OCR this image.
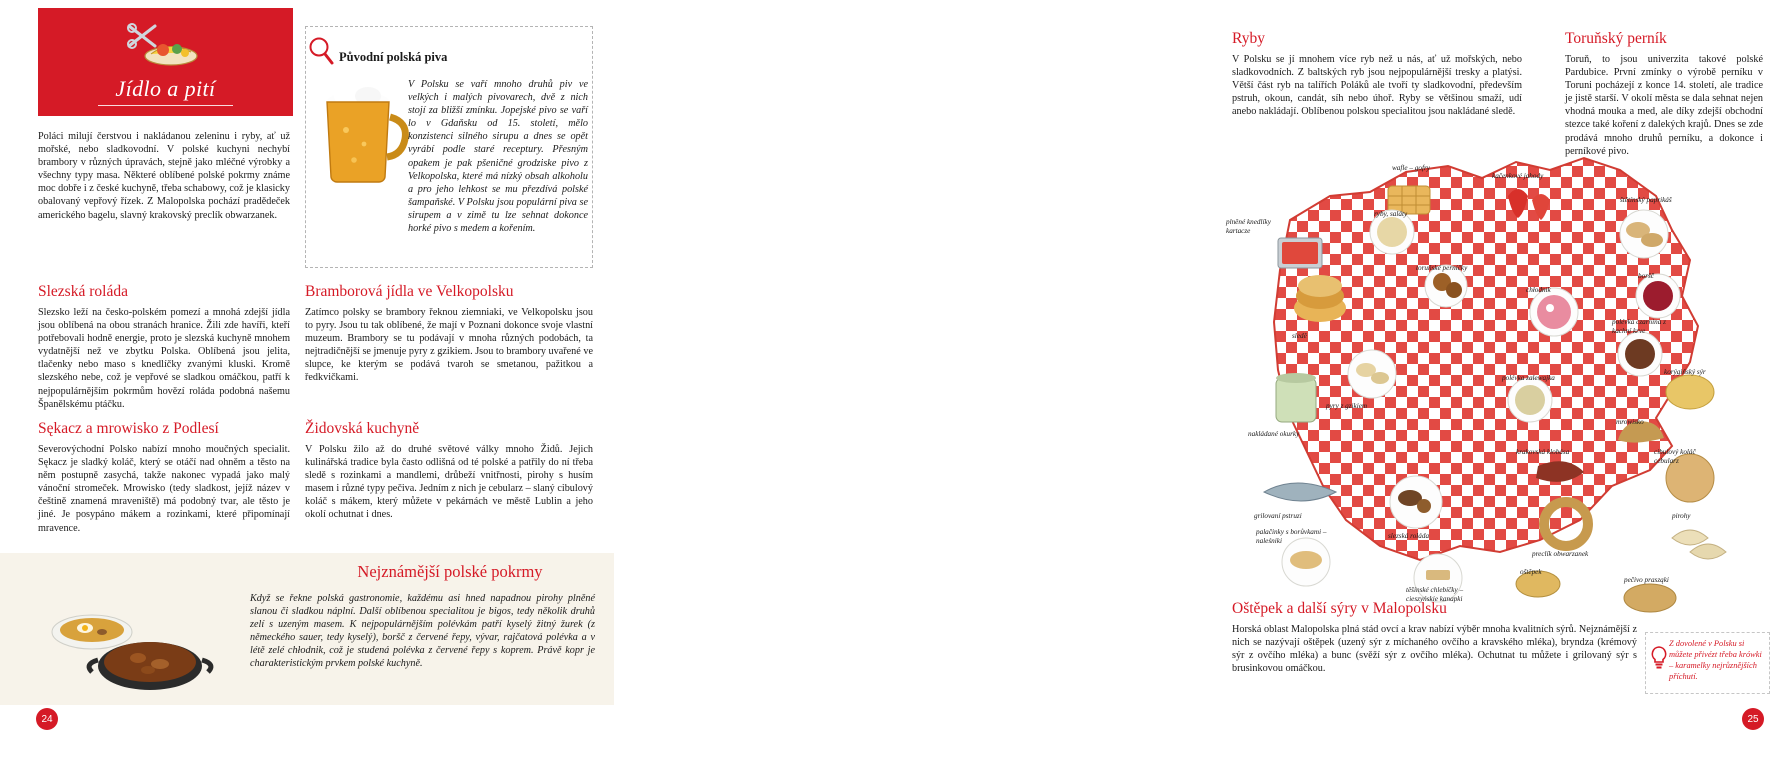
Jídlo a pití
Poláci milují čerstvou i nakládanou zeleninu i ryby, ať už mořské, nebo sladkovodní. V polské kuchyni nechybí brambory v různých úpravách, stejně jako mléčné výrobky a všechny typy masa. Některé oblíbené polské pokrmy známe moc dobře i z české kuchyně, třeba schabowy, což je klasicky obalovaný vepřový řízek. Z Malopolska pochází pradědeček amerického bagelu, slavný krakovský preclík obwarzanek.
Slezská roláda
Slezsko leží na česko-polském pomezí a mnohá zdejší jídla jsou oblíbená na obou stranách hranice. Žili zde havíři, kteří potřebovali hodně energie, proto je slezská kuchyně mnohem vydatnější než ve zbytku Polska. Oblíbená jsou jelita, tlačenky nebo maso s knedlíčky zvanými kluski. Kromě slezského nebe, což je vepřové se sladkou omáčkou, patří k nejpopulárnějším pokrmům hovězí roláda podobná našemu Španělskému ptáčku.
Sękacz a mrowisko z Podlesí
Severovýchodní Polsko nabízí mnoho moučných specialit. Sękacz je sladký koláč, který se otáčí nad ohněm a těsto na něm postupně zasychá, takže nakonec vypadá jako malý vánoční stromeček. Mrowisko (tedy sladkost, jejíž název v češtině znamená mraveniště) má podobný tvar, ale těsto je jiné. Je posypáno mákem a rozinkami, které připomínají mravence.
Původní polská piva
V Polsku se vaří mnoho druhů piv ve velkých i malých pivovarech, dvě z nich stojí za bližší zmínku. Jopejské pivo se vaří lo v Gdaňsku od 15. století, mělo konzistenci silného sirupu a dnes se opět vyrábí podle staré receptury. Přesným opakem je pak pšeničné grodziske pivo z Velkopolska, které má nízký obsah alkoholu a pro jeho lehkost se mu přezdívá polské šampaňské. V Polsku jsou populární piva se sirupem a v zimě tu lze sehnat dokonce horké pivo s medem a kořením.
Bramborová jídla ve Velkopolsku
Zatímco polsky se brambory řeknou ziemniaki, ve Velkopolsku jsou to pyry. Jsou tu tak oblíbené, že mají v Poznani dokonce svoje vlastní muzeum. Brambory se tu podávají v mnoha různých podobách, ta nejtradičnější se jmenuje pyry z gzikiem. Jsou to brambory uvařené ve slupce, ke kterým se podává tvaroh se smetanou, pažitkou a ředkvičkami.
Židovská kuchyně
V Polsku žilo až do druhé světové války mnoho Židů. Jejich kulinářská tradice byla často odlišná od té polské a patřily do ní třeba sledě s rozinkami a mandlemi, drůbeží vnitřnosti, pirohy s husím masem i různé typy pečiva. Jedním z nich je cebularz – slaný cibulový koláč s mákem, který můžete v pekárnách ve městě Lublin a jeho okolí ochutnat i dnes.
Nejznámější polské pokrmy
Když se řekne polská gastronomie, každému asi hned napadnou pirohy plněné slanou či sladkou náplní. Další oblíbenou specialitou je bigos, tedy několik druhů zelí s uzeným masem. K nejpopulárnějším polévkám patří kyselý žitný žurek (z německého sauer, tedy kyselý), boršč z červené řepy, vývar, rajčatová polévka a v létě zelé chłodnik, což je studená polévka z červené řepy s koprem. Právě kopr je charakteristickým prvkem polské kuchyně.
24
Ryby
V Polsku se jí mnohem více ryb než u nás, ať už mořských, nebo sladkovodních. Z baltských ryb jsou nejpopulárnější tresky a platýsi. Větší část ryb na talířích Poláků ale tvoří ty sladkovodní, především pstruh, okoun, candát, síh nebo úhoř. Ryby se většinou smaží, udí anebo nakládají. Oblíbenou polskou specialitou jsou nakládané sledě.
Toruňský perník
Toruň, to jsou univerzita takové polské Pardubice. První zmínky o výrobě perníku v Toruni pocházejí z konce 14. století, ale tradice je jistě starší. V okolí města se dala sehnat nejen vhodná mouka a med, ale díky zdejší obchodní stezce také koření z dalekých krajů. Dnes se zde prodává mnoho druhů perníku, a dokonce i perníkové pivo.
plněné knedlíky kartacze
wafle – gofry
kačenkové jahody
ryby, saláty
štětínský paprikáš
toruňské perníčky
sledě
chłodnik
boršč
polévka czarnina z kachní krve
korýgiňský sýr
polévka zalewajka
pyry z gzikiem
nakládané okurky
mrowisko
krakovská klobása
grilovaní pstruzi
slezská roláda
cibulový koláč cebularz
preclík obwarzanek
pirohy
palačinky s borůvkami – naleśniki
těšínské chlebíčky – cieszyńskie kanapki
oštěpek
pečivo prasząki
Oštěpek a další sýry v Malopolsku
Horská oblast Malopolska plná stád ovcí a krav nabízí výběr mnoha kvalitních sýrů. Nejznámější z nich se nazývají oštěpek (uzený sýr z míchaného ovčího a kravského mléka), bryndza (krémový sýr z ovčího mléka) a bunc (svěží sýr z ovčího mléka). Ochutnat tu můžete i grilovaný sýr s brusinkovou omáčkou.
Z dovolené v Polsku si můžete přivézt třeba krówki – karamelky nejrůznějších příchutí.
25
